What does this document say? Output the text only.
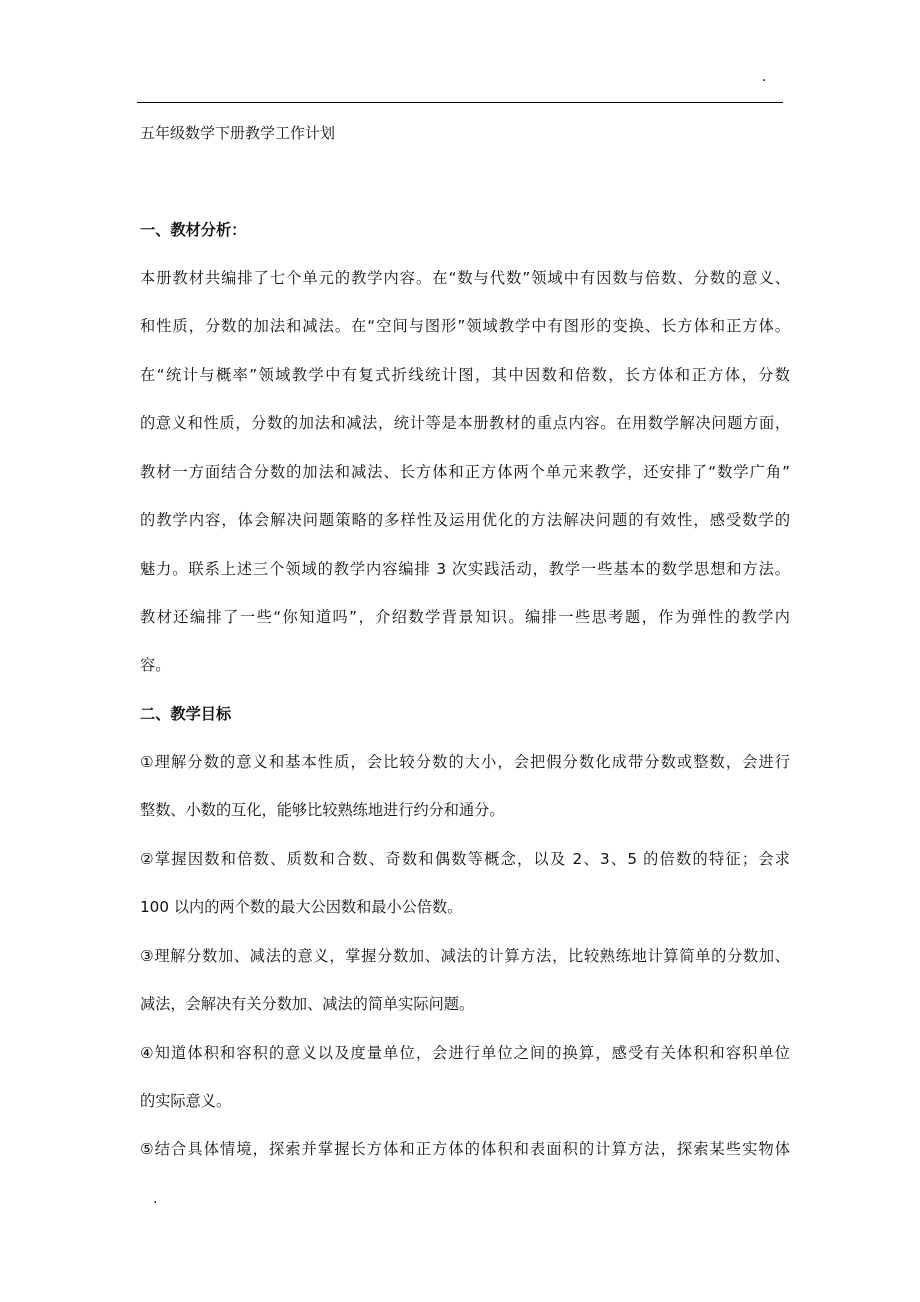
.
五年级数学下册教学工作计划
一、教材分析：
本册教材共编排了七个单元的教学内容。在“数与代数”领域中有因数与倍数、分数的意义、
和性质，分数的加法和减法。在“空间与图形”领域教学中有图形的变换、长方体和正方体。
在“统计与概率”领域教学中有复式折线统计图，其中因数和倍数，长方体和正方体，分数
的意义和性质，分数的加法和减法，统计等是本册教材的重点内容。在用数学解决问题方面，
教材一方面结合分数的加法和减法、长方体和正方体两个单元来教学，还安排了“数学广角”
的教学内容，体会解决问题策略的多样性及运用优化的方法解决问题的有效性，感受数学的
魅力。联系上述三个领域的教学内容编排 3 次实践活动，教学一些基本的数学思想和方法。
教材还编排了一些“你知道吗”，介绍数学背景知识。编排一些思考题，作为弹性的教学内
容。
二、教学目标
①理解分数的意义和基本性质，会比较分数的大小，会把假分数化成带分数或整数，会进行
整数、小数的互化，能够比较熟练地进行约分和通分。
②掌握因数和倍数、质数和合数、奇数和偶数等概念，以及 2、3、5 的倍数的特征；会求
100 以内的两个数的最大公因数和最小公倍数。
③理解分数加、减法的意义，掌握分数加、减法的计算方法，比较熟练地计算简单的分数加、
减法，会解决有关分数加、减法的简单实际问题。
④知道体积和容积的意义以及度量单位，会进行单位之间的换算，感受有关体积和容积单位
的实际意义。
⑤结合具体情境，探索并掌握长方体和正方体的体积和表面积的计算方法，探索某些实物体
.
